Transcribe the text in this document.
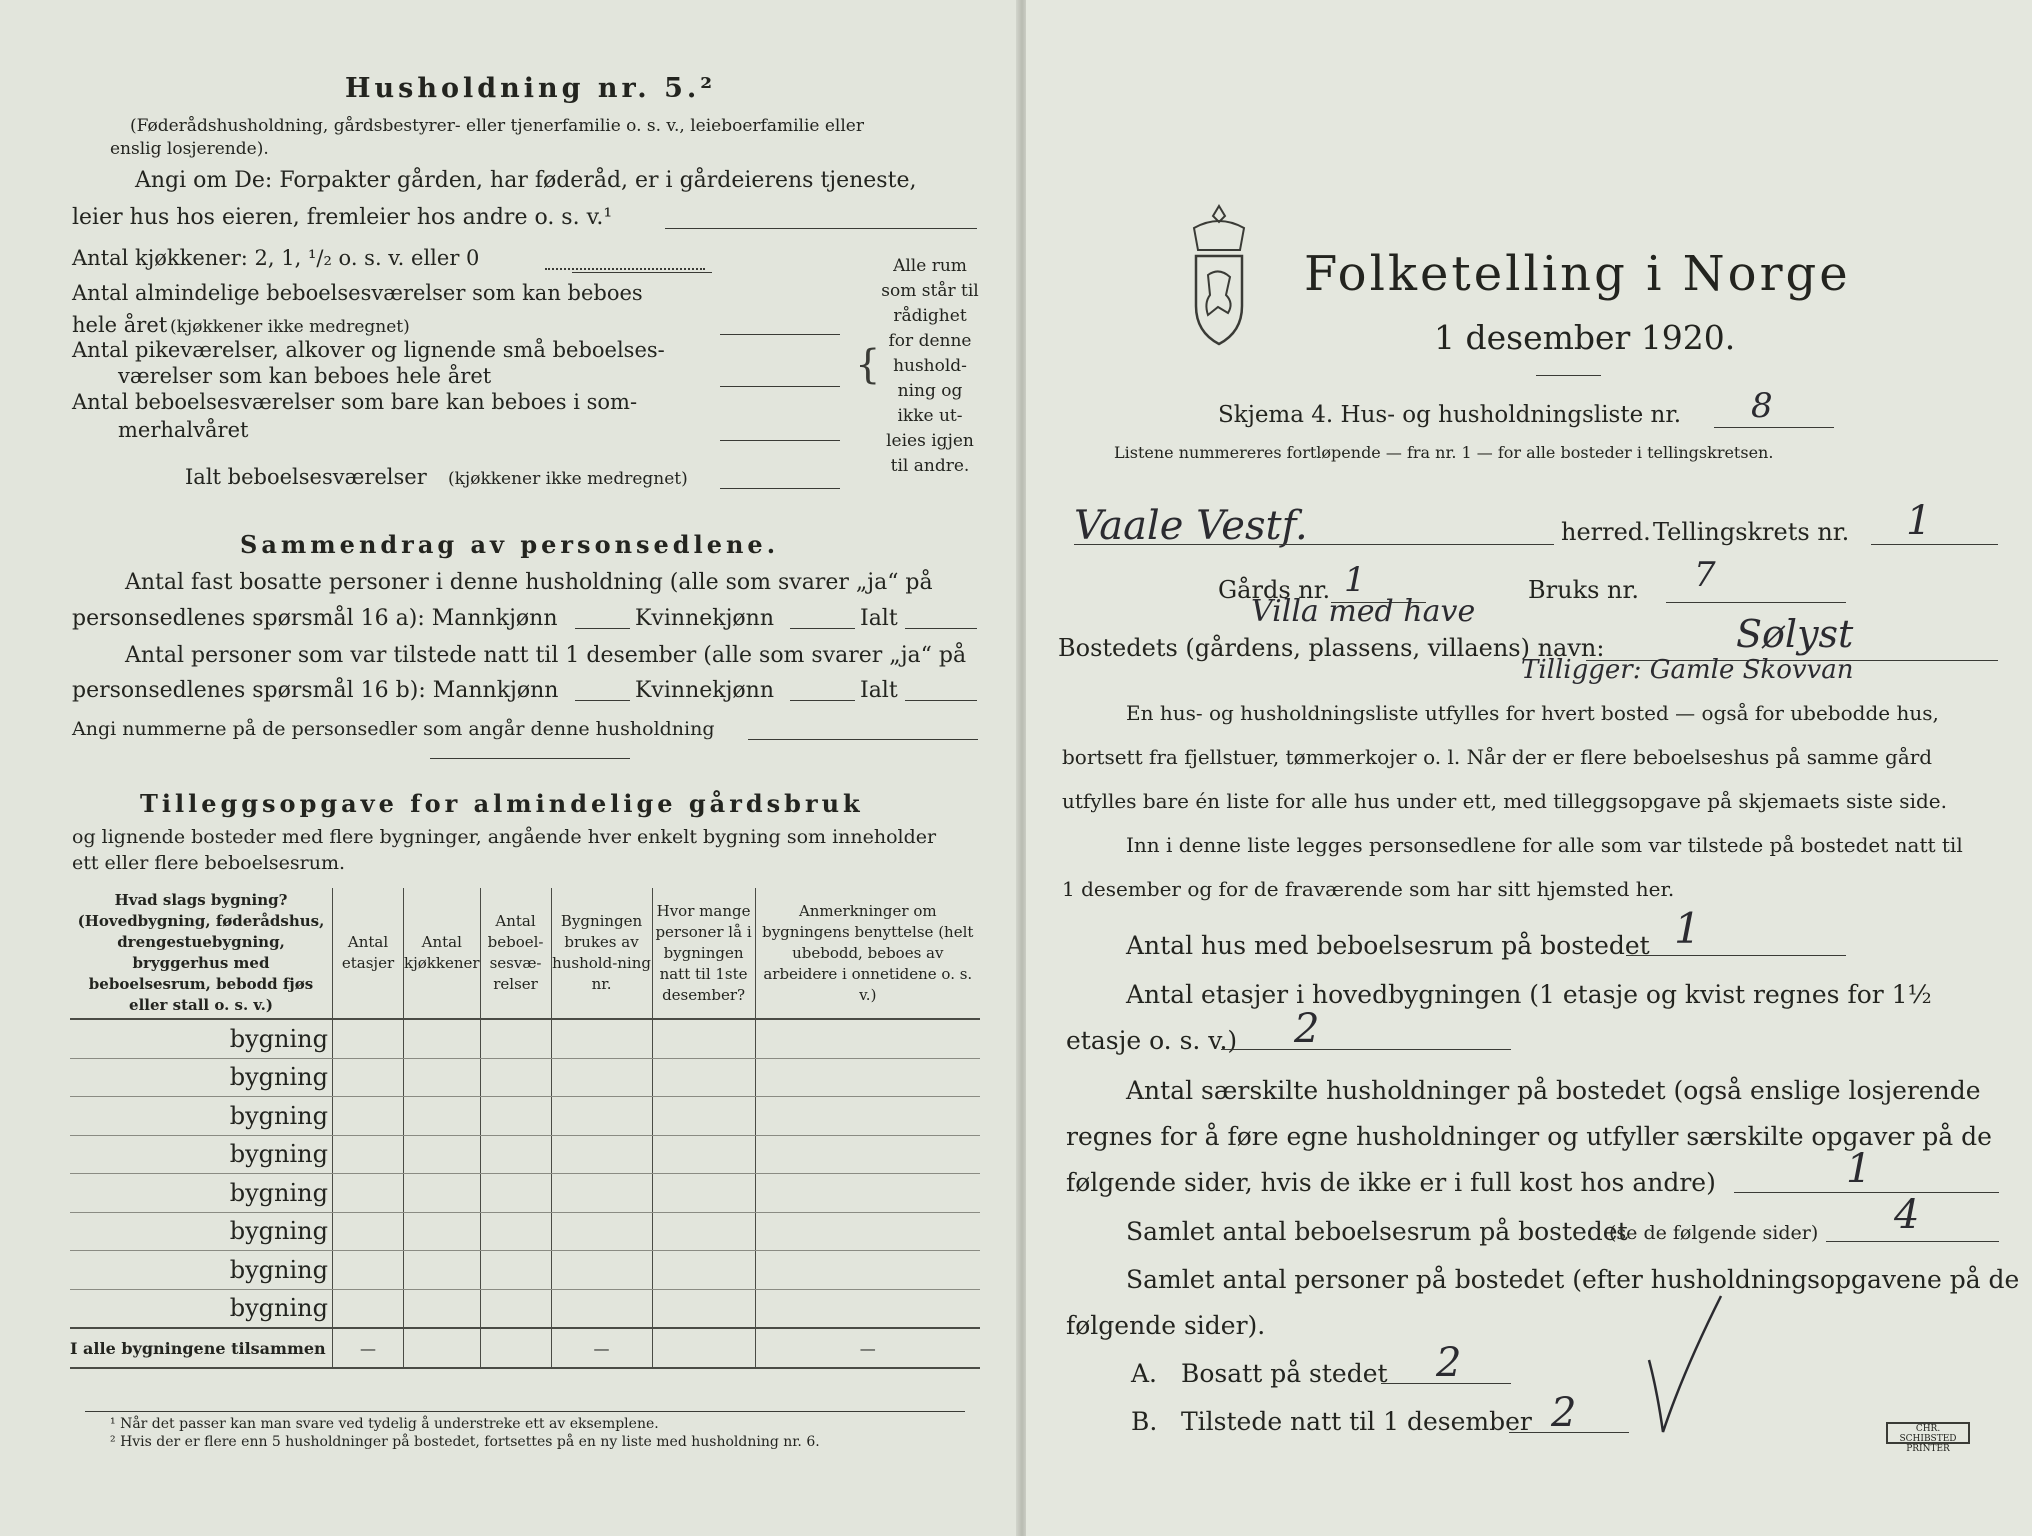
Husholdning nr. 5.²
(Føderådshusholdning, gårdsbestyrer- eller tjenerfamilie o. s. v., leieboerfamilie eller
enslig losjerende).
Angi om De: Forpakter gården, har føderåd, er i gårdeierens tjeneste,
leier hus hos eieren, fremleier hos andre o. s. v.¹
Antal kjøkkener: 2, 1, ¹/₂ o. s. v. eller 0
Antal almindelige beboelsesværelser som kan bebοes
hele året (kjøkkener ikke medregnet)
Antal pikeværelser, alkover og lignende små beboelses-
værelser som kan beboes hele året
Antal beboelsesværelser som bare kan beboes i som-
merhalvåret
Ialt beboelsesværelser (kjøkkener ikke medregnet)
{
Alle rum
som står til
rådighet
for denne
hushold-
ning og
ikke ut-
leies igjen
til andre.
Sammendrag av personsedlene.
Antal fast bosatte personer i denne husholdning (alle som svarer „ja“ på
personsedlenes spørsmål 16 a): Mannkjønn	Kvinnekjønn	Ialt
Antal personer som var tilstede natt til 1 desember (alle som svarer „ja“ på
personsedlenes spørsmål 16 b): Mannkjønn	Kvinnekjønn	Ialt
Angi nummerne på de personsedler som angår denne husholdning
Tilleggsopgave for almindelige gårdsbruk
og lignende bosteder med flere bygninger, angående hver enkelt bygning som inneholder
ett eller flere beboelsesrum.
Hvad slags bygning? (Hovedbygning, føderådshus, drengestuebygning, bryggerhus med beboelsesrum, bebodd fjøs eller stall o. s. v.)	Antal etasjer	Antal kjøkkener	Antal beboel-sesvæ-relser	Bygningen brukes av hushold-ning nr.	Hvor mange personer lå i bygningen natt til 1ste desember?	Anmerkninger om bygningens benyttelse (helt ubebodd, beboes av arbeidere i onnetidene o. s. v.)
bygning						
bygning						
bygning						
bygning						
bygning						
bygning						
bygning						
bygning						
I alle bygningene tilsammen	—			—		—
¹ Når det passer kan man svare ved tydelig å understreke ett av eksemplene.
² Hvis der er flere enn 5 husholdninger på bostedet, fortsettes på en ny liste med husholdning nr. 6.
Folketelling i Norge
1 desember 1920.
Skjema 4. Hus- og husholdningsliste nr. 8
Listene nummereres fortløpende — fra nr. 1 — for alle bosteder i tellingskretsen.
Vaale Vestf.	herred. Tellingskrets nr. 1
Gårds nr. 1	Bruks nr. 7
Villa med have
Bostedets (gårdens, plassens, villaens) navn:	Sølyst
Tilligger: Gamle Skovvan
En hus- og husholdningsliste utfylles for hvert bosted — også for ubebodde hus,
bortsett fra fjellstuer, tømmerkojer o. l. Når der er flere beboelseshus på samme gård
utfylles bare én liste for alle hus under ett, med tilleggsopgave på skjemaets siste side.
Inn i denne liste legges personsedlene for alle som var tilstede på bostedet natt til
1 desember og for de fraværende som har sitt hjemsted her.
Antal hus med beboelsesrum på bostedet 1
Antal etasjer i hovedbygningen (1 etasje og kvist regnes for 1½
etasje o. s. v.) 2
Antal særskilte husholdninger på bostedet (også enslige losjerende
regnes for å føre egne husholdninger og utfyller særskilte opgaver på de
følgende sider, hvis de ikke er i full kost hos andre)	1
Samlet antal beboelsesrum på bostedet
(se de følgende sider) 4
Samlet antal personer på bostedet (efter husholdningsopgavene på de
følgende sider).
A. Bosatt på stedet 2
B. Tilstede natt til 1 desember 2	CHR. SCHIBSTED PRINTER
